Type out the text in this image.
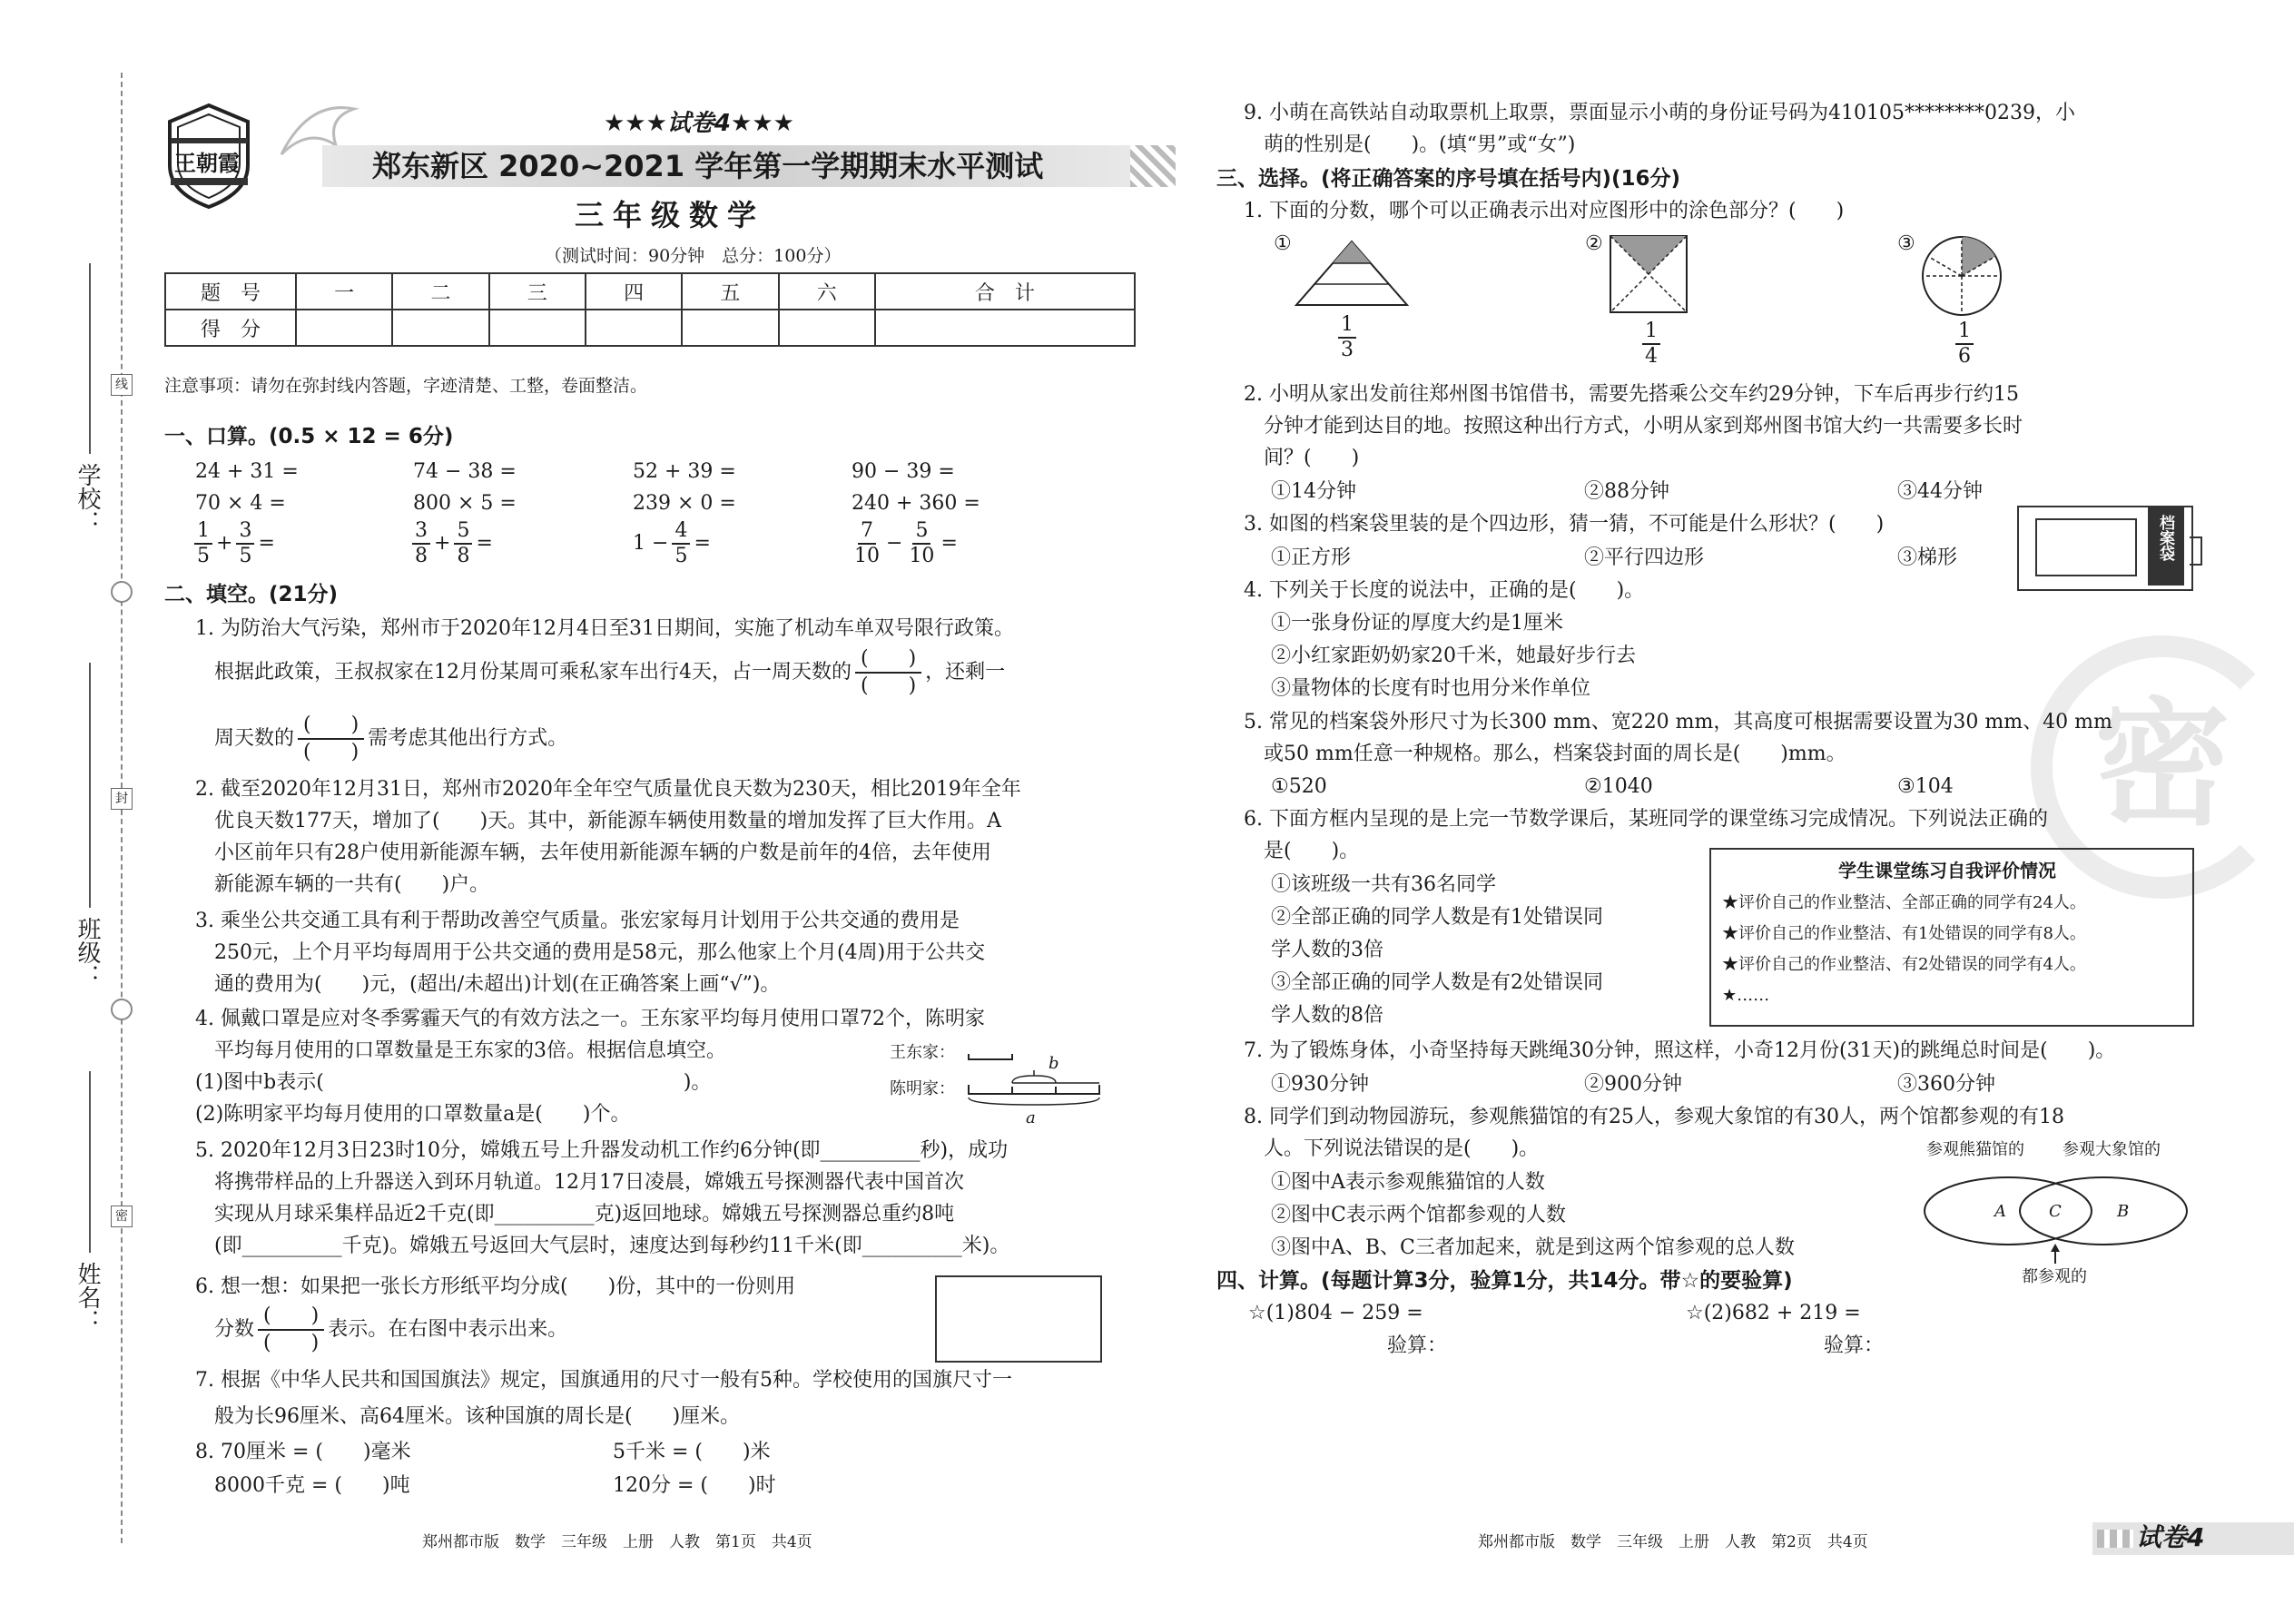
学校：
班级：
姓名：
线
封
密
王朝霞
★★★试卷4★★★
郑东新区 2020~2021 学年第一学期期末水平测试
三年级数学
（测试时间：90分钟　总分：100分）
题　号	一	二	三	四	五	六	合　计
得　分							
注意事项：请勿在弥封线内答题，字迹清楚、工整，卷面整洁。
一、口算。(0.5 × 12 = 6分)
24 + 31 =	74 − 38 =	52 + 39 =	90 − 39 =
70 × 4 =	800 × 5 =	239 × 0 =	240 + 360 =
$\frac{1}{5} + \frac{3}{5}$ =	$\frac{3}{8} + \frac{5}{8}$ =	$1 - \frac{4}{5}$ =	$\frac{7}{10} - \frac{5}{10}$ =
二、填空。(21分)
1. 为防治大气污染，郑州市于2020年12月4日至31日期间，实施了机动车单双号限行政策。
根据此政策，王叔叔家在12月份某周可乘私家车出行4天，占一周天数的
(　　)
(　　)
，还剩一
周天数的
(　　)
(　　)
需考虑其他出行方式。
2. 截至2020年12月31日，郑州市2020年全年空气质量优良天数为230天，相比2019年全年
优良天数177天，增加了(　　)天。其中，新能源车辆使用数量的增加发挥了巨大作用。A
小区前年只有28户使用新能源车辆，去年使用新能源车辆的户数是前年的4倍，去年使用
新能源车辆的一共有(　　)户。
3. 乘坐公共交通工具有利于帮助改善空气质量。张宏家每月计划用于公共交通的费用是
250元，上个月平均每周用于公共交通的费用是58元，那么他家上个月(4周)用于公共交
通的费用为(　　)元，(超出/未超出)计划(在正确答案上画“√”)。
4. 佩戴口罩是应对冬季雾霾天气的有效方法之一。王东家平均每月使用口罩72个，陈明家
平均每月使用的口罩数量是王东家的3倍。根据信息填空。
(1)图中b表示(　　　　　　　　　　　　　　　　　　)。
(2)陈明家平均每月使用的口罩数量a是(　　)个。
王东家：
陈明家：
b
a
5. 2020年12月3日23时10分，嫦娥五号上升器发动机工作约6分钟(即__________秒)，成功
将携带样品的上升器送入到环月轨道。12月17日凌晨，嫦娥五号探测器代表中国首次
实现从月球采集样品近2千克(即__________克)返回地球。嫦娥五号探测器总重约8吨
(即__________千克)。嫦娥五号返回大气层时，速度达到每秒约11千米(即__________米)。
6. 想一想：如果把一张长方形纸平均分成(　　)份，其中的一份则用
分数
(　　)
(　　)
表示。在右图中表示出来。
7. 根据《中华人民共和国国旗法》规定，国旗通用的尺寸一般有5种。学校使用的国旗尺寸一
般为长96厘米、高64厘米。该种国旗的周长是(　　)厘米。
8. 70厘米 = (　　)毫米	5千米 = (　　)米
8000千克 = (　　)吨	120分 = (　　)时
郑州都市版　数学　三年级　上册　人教　第1页　共4页
密
9. 小萌在高铁站自动取票机上取票，票面显示小萌的身份证号码为410105********0239，小
萌的性别是(　　)。(填“男”或“女”)
三、选择。(将正确答案的序号填在括号内)(16分)
1. 下面的分数，哪个可以正确表示出对应图形中的涂色部分？(　　)
①
$\frac{1}{3}$
②
$\frac{1}{4}$
③
$\frac{1}{6}$
2. 小明从家出发前往郑州图书馆借书，需要先搭乘公交车约29分钟，下车后再步行约15
分钟才能到达目的地。按照这种出行方式，小明从家到郑州图书馆大约一共需要多长时
间？(　　)
①14分钟	②88分钟	③44分钟
3. 如图的档案袋里装的是个四边形，猜一猜，不可能是什么形状？(　　)
①正方形	②平行四边形	③梯形	档案袋
4. 下列关于长度的说法中，正确的是(　　)。
①一张身份证的厚度大约是1厘米
②小红家距奶奶家20千米，她最好步行去
③量物体的长度有时也用分米作单位
5. 常见的档案袋外形尺寸为长300 mm、宽220 mm，其高度可根据需要设置为30 mm、40 mm
或50 mm任意一种规格。那么，档案袋封面的周长是(　　)mm。
①520	②1040	③104
6. 下面方框内呈现的是上完一节数学课后，某班同学的课堂练习完成情况。下列说法正确的
是(　　)。
①该班级一共有36名同学
②全部正确的同学人数是有1处错误同
学人数的3倍
③全部正确的同学人数是有2处错误同
学人数的8倍
学生课堂练习自我评价情况
★评价自己的作业整洁、全部正确的同学有24人。
★评价自己的作业整洁、有1处错误的同学有8人。
★评价自己的作业整洁、有2处错误的同学有4人。
★……
7. 为了锻炼身体，小奇坚持每天跳绳30分钟，照这样，小奇12月份(31天)的跳绳总时间是(　　)。
①930分钟	②900分钟	③360分钟
8. 同学们到动物园游玩，参观熊猫馆的有25人，参观大象馆的有30人，两个馆都参观的有18
人。下列说法错误的是(　　)。
①图中A表示参观熊猫馆的人数
②图中C表示两个馆都参观的人数
③图中A、B、C三者加起来，就是到这两个馆参观的总人数
参观熊猫馆的 参观大象馆的
A	C	B
都参观的
四、计算。(每题计算3分，验算1分，共14分。带☆的要验算)
☆(1)804 − 259 =	☆(2)682 + 219 =
验算：	验算：
郑州都市版　数学　三年级　上册　人教　第2页　共4页	试卷4
